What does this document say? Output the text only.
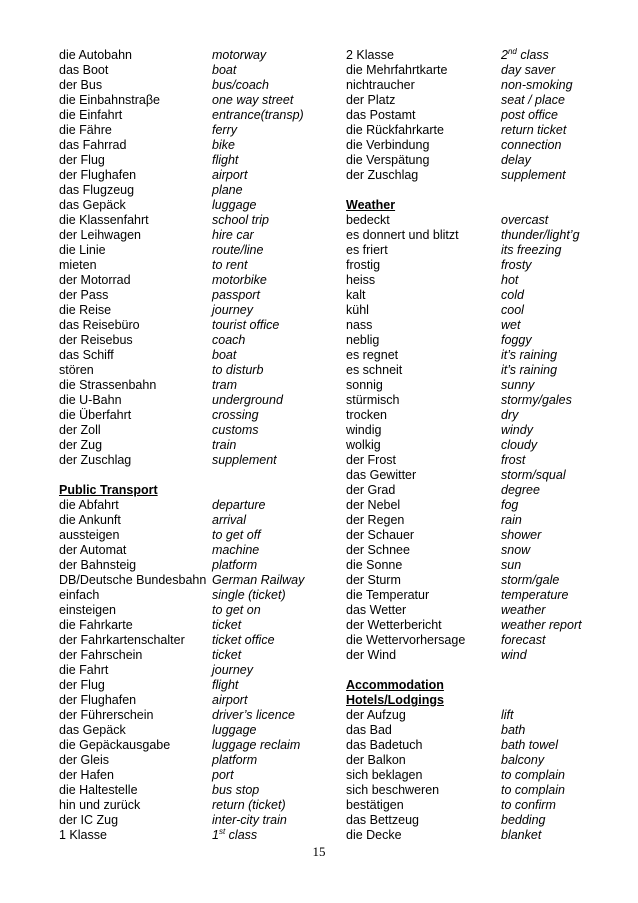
die Autobahn	motorway
das Boot	boat
der Bus	bus/coach
die Einbahnstraβe	one way street
die Einfahrt	entrance(transp)
die Fähre	ferry
das Fahrrad	bike
der Flug	flight
der Flughafen	airport
das Flugzeug	plane
das Gepäck	luggage
die Klassenfahrt	school trip
der Leihwagen	hire car
die Linie	route/line
mieten	to rent
der Motorrad	motorbike
der Pass	passport
die Reise	journey
das Reisebüro	tourist office
der Reisebus	coach
das Schiff	boat
stören	to disturb
die Strassenbahn	tram
die U-Bahn	underground
die Überfahrt	crossing
der Zoll	customs
der Zug	train
der Zuschlag	supplement
Public Transport
die Abfahrt	departure
die Ankunft	arrival
aussteigen	to get off
der Automat	machine
der Bahnsteig	platform
DB/Deutsche Bundesbahn German Railway
einfach	single (ticket)
einsteigen	to get on
die Fahrkarte	ticket
der Fahrkartenschalter	ticket office
der Fahrschein	ticket
die Fahrt	journey
der Flug	flight
der Flughafen	airport
der Führerschein	driver’s licence
das Gepäck	luggage
die Gepäckausgabe	luggage reclaim
der Gleis	platform
der Hafen	port
die Haltestelle	bus stop
hin und zurück	return (ticket)
der IC Zug	inter-city train
1 Klasse	1st class
2 Klasse	2nd class
die Mehrfahrtkarte	day saver
nichtraucher	non-smoking
der Platz	seat / place
das Postamt	post office
die Rückfahrkarte	return ticket
die Verbindung	connection
die Verspätung	delay
der Zuschlag	supplement
Weather
bedeckt	overcast
es donnert und blitzt	thunder/light’g
es friert	its freezing
frostig	frosty
heiss	hot
kalt	cold
kühl	cool
nass	wet
neblig	foggy
es regnet	it’s raining
es schneit	it’s raining
sonnig	sunny
stürmisch	stormy/gales
trocken	dry
windig	windy
wolkig	cloudy
der Frost	frost
das Gewitter	storm/squal
der Grad	degree
der Nebel	fog
der Regen	rain
der Schauer	shower
der Schnee	snow
die Sonne	sun
der Sturm	storm/gale
die Temperatur	temperature
das Wetter	weather
der Wetterbericht	weather report
die Wettervorhersage	forecast
der Wind	wind
Accommodation
Hotels/Lodgings
der Aufzug	lift
das Bad	bath
das Badetuch	bath towel
der Balkon	balcony
sich beklagen	to complain
sich beschweren	to complain
bestätigen	to confirm
das Bettzeug	bedding
die Decke	blanket
15
